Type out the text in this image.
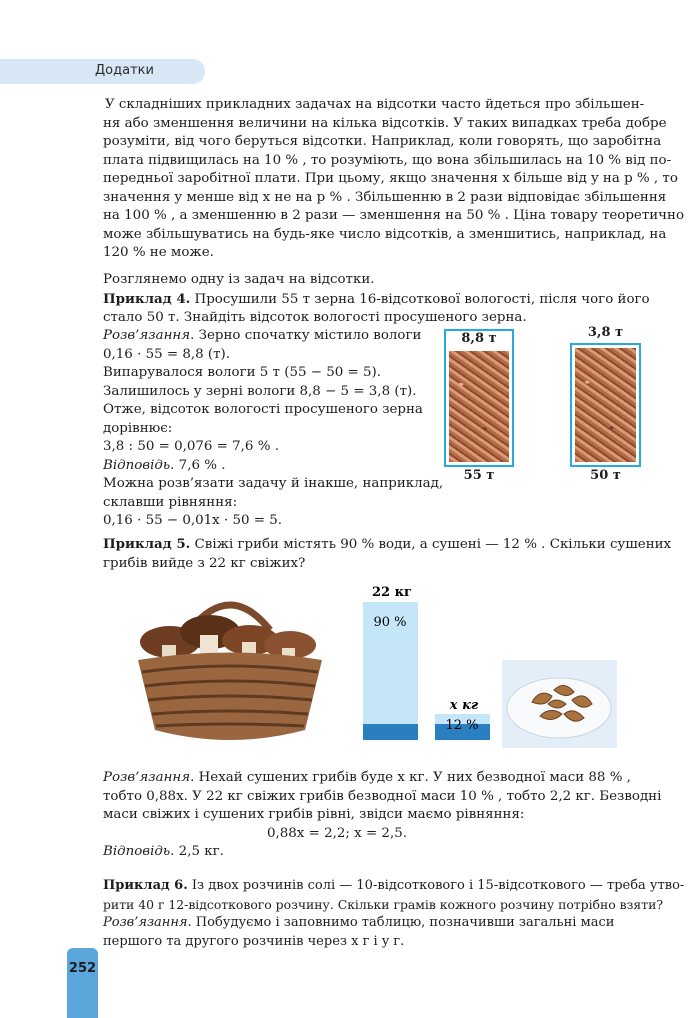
Додатки
У складніших прикладних задачах на відсотки часто йдеться про збільшен-
ня або зменшення величини на кілька відсотків. У таких випадках треба добре
розуміти, від чого беруться відсотки. Наприклад, коли говорять, що заробітна
плата підвищилась на 10 % , то розуміють, що вона збільшилась на 10 % від по-
передньої заробітної плати. При цьому, якщо значення x більше від y на p % , то
значення y менше від x не на p % . Збільшенню в 2 рази відповідає збільшення
на 100 % , а зменшенню в 2 рази — зменшення на 50 % . Ціна товару теоретично
може збільшуватись на будь-яке число відсотків, а зменшитись, наприклад, на
120 % не може.
Розглянемо одну із задач на відсотки.
Приклад 4. Просушили 55 т зерна 16-відсоткової вологості, після чого його
стало 50 т. Знайдіть відсоток вологості просушеного зерна.
Розв’язання. Зерно спочатку містило вологи
0,16 · 55 = 8,8 (т).
Випарувалося вологи 5 т (55 − 50 = 5).
Залишилось у зерні вологи 8,8 − 5 = 3,8 (т).
Отже, відсоток вологості просушеного зерна
дорівнює:
3,8 : 50 = 0,076 = 7,6 % .
Відповідь. 7,6 % .
Можна розв’язати задачу й інакше, наприклад,
склавши рівняння:
0,16 · 55 − 0,01x · 50 = 5.
8,8 т
55 т
3,8 т
50 т
Приклад 5. Свіжі гриби містять 90 % води, а сушені — 12 % . Скільки сушених
грибів вийде з 22 кг свіжих?
22 кг
90 %
x кг
12 %
Розв’язання. Нехай сушених грибів буде x кг. У них безводної маси 88 % ,
тобто 0,88x. У 22 кг свіжих грибів безводної маси 10 % , тобто 2,2 кг. Безводні
маси свіжих і сушених грибів рівні, звідси маємо рівняння:
0,88x = 2,2; x = 2,5.
Відповідь. 2,5 кг.
Приклад 6. Із двох розчинів солі — 10-відсоткового і 15-відсоткового — треба утво-
рити 40 г 12-відсоткового розчину. Скільки грамів кожного розчину потрібно взяти?
Розв’язання. Побудуємо і заповнимо таблицю, позначивши загальні маси
першого та другого розчинів через x г і y г.
252
